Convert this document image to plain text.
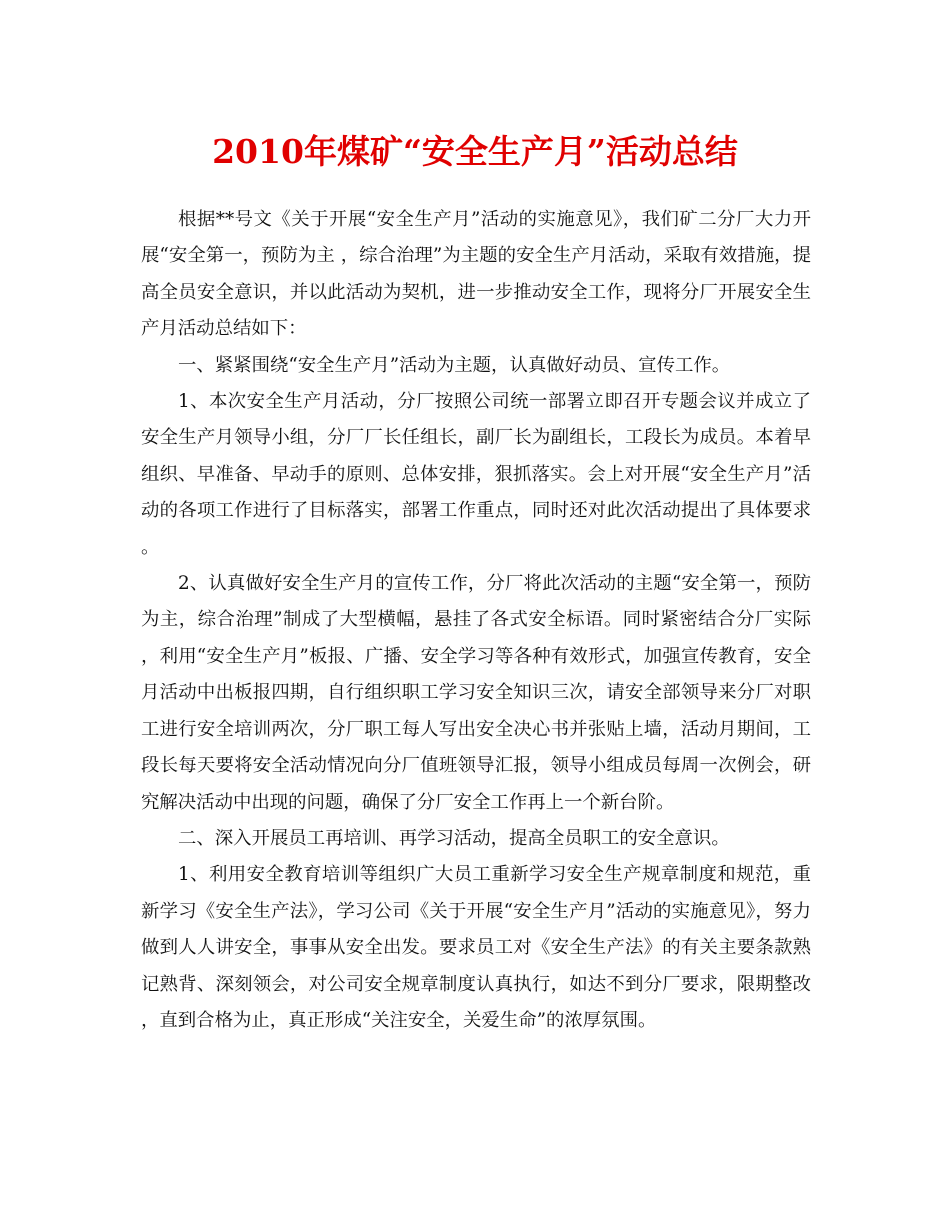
2010年煤矿“安全生产月”活动总结

根据**号文《关于开展“安全生产月”活动的实施意见》，我们矿二分厂大力开展“安全第一，预防为主 ，综合治理”为主题的安全生产月活动，采取有效措施，提高全员安全意识，并以此活动为契机，进一步推动安全工作，现将分厂开展安全生产月活动总结如下：

一、紧紧围绕“安全生产月”活动为主题，认真做好动员、宣传工作。

1、本次安全生产月活动，分厂按照公司统一部署立即召开专题会议并成立了安全生产月领导小组，分厂厂长任组长，副厂长为副组长，工段长为成员。本着早组织、早准备、早动手的原则、总体安排，狠抓落实。会上对开展“安全生产月”活动的各项工作进行了目标落实，部署工作重点，同时还对此次活动提出了具体要求。

2、认真做好安全生产月的宣传工作，分厂将此次活动的主题“安全第一，预防为主，综合治理”制成了大型横幅，悬挂了各式安全标语。同时紧密结合分厂实际，利用“安全生产月”板报、广播、安全学习等各种有效形式，加强宣传教育，安全月活动中出板报四期，自行组织职工学习安全知识三次，请安全部领导来分厂对职工进行安全培训两次，分厂职工每人写出安全决心书并张贴上墙，活动月期间，工段长每天要将安全活动情况向分厂值班领导汇报，领导小组成员每周一次例会，研究解决活动中出现的问题，确保了分厂安全工作再上一个新台阶。

二、深入开展员工再培训、再学习活动，提高全员职工的安全意识。

1、利用安全教育培训等组织广大员工重新学习安全生产规章制度和规范，重新学习《安全生产法》，学习公司《关于开展“安全生产月”活动的实施意见》，努力做到人人讲安全，事事从安全出发。要求员工对《安全生产法》的有关主要条款熟记熟背、深刻领会，对公司安全规章制度认真执行，如达不到分厂要求，限期整改，直到合格为止，真正形成“关注安全，关爱生命”的浓厚氛围。
